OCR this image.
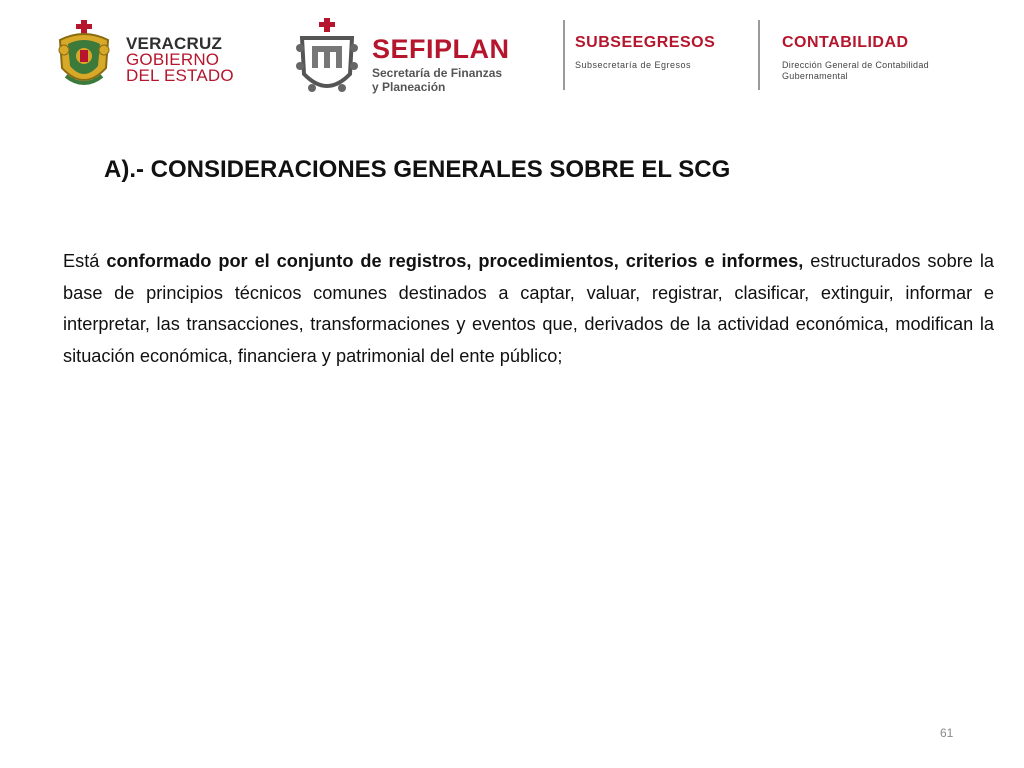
VERACRUZ
GOBIERNO
DEL ESTADO
SEFIPLAN
Secretaría de Finanzas
y Planeación
SUBSEEGRESOS
Subsecretaría de Egresos
CONTABILIDAD
Dirección General de Contabilidad
Gubernamental
A).- CONSIDERACIONES GENERALES SOBRE EL SCG

Está conformado por el conjunto de registros, procedimientos, criterios e informes, estructurados sobre la base de principios técnicos comunes destinados a captar, valuar, registrar, clasificar, extinguir, informar e interpretar, las transacciones, transformaciones y eventos que, derivados de la actividad económica, modifican la situación económica, financiera y patrimonial del ente público;

61
